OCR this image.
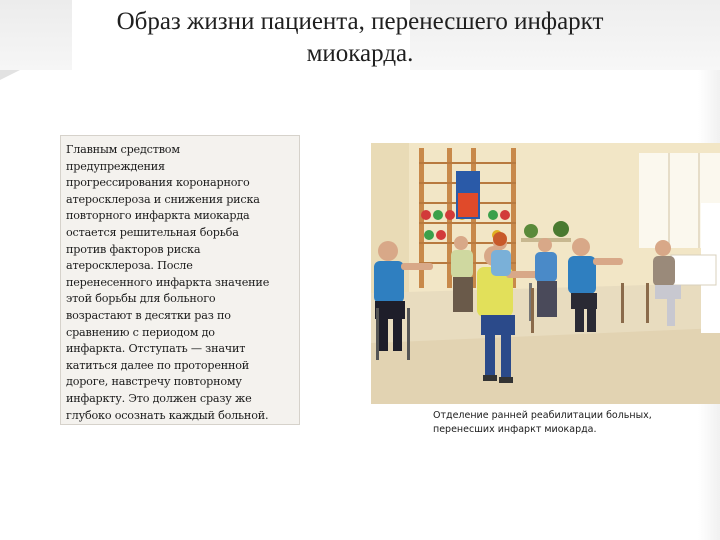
Образ жизни пациента, перенесшего инфаркт миокарда.

Главным средством
предупреждения
прогрессирования коронарного
атеросклероза и снижения риска
повторного инфаркта миокарда
остается решительная борьба
против факторов риска
атеросклероза. После
перенесенного инфаркта значение
этой борьбы для больного
возрастают в десятки раз по
сравнению с периодом до
инфаркта. Отступать — значит
катиться далее по проторенной
дороге, навстречу повторному
инфаркту. Это должен сразу же
глубоко осознать каждый больной.	Отделение ранней реабилитации больных, перенесших инфаркт миокарда.
